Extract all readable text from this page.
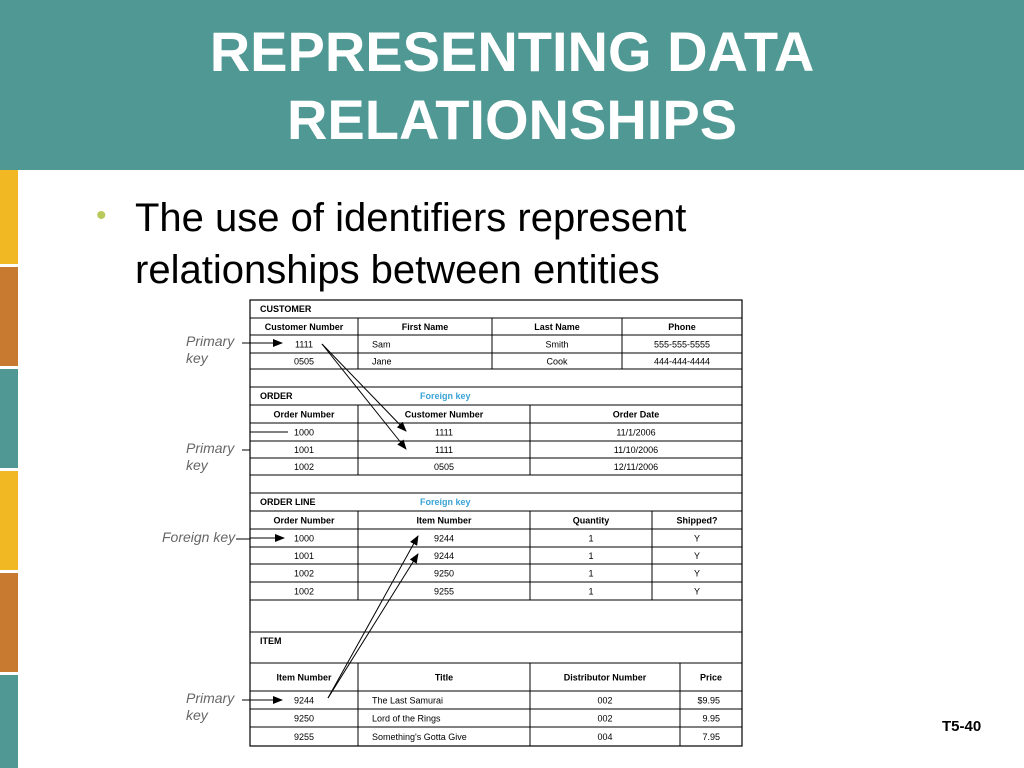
REPRESENTING DATA
RELATIONSHIPS
• The use of identifiers represent
relationships between entities

CUSTOMER
Customer Number	First Name	Last Name	Phone
1111	Sam	Smith	555-555-5555
0505	Jane	Cook	444-444-4444
ORDER	Foreign key
Order Number	Customer Number	Order Date
1000	1111	11/1/2006
1001	1111	11/10/2006
1002	0505	12/11/2006
ORDER LINE	Foreign key
Order Number	Item Number	Quantity	Shipped?
1000	9244	1	Y
1001	9244	1	Y
1002	9250	1	Y
1002	9255	1	Y
ITEM
Item Number	Title	Distributor Number	Price
9244	The Last Samurai	002	$9.95
9250	Lord of the Rings	002	9.95
9255	Something's Gotta Give	004	7.95
Primary
key
Primary
key
Foreign key
Primary
key
T5-40
